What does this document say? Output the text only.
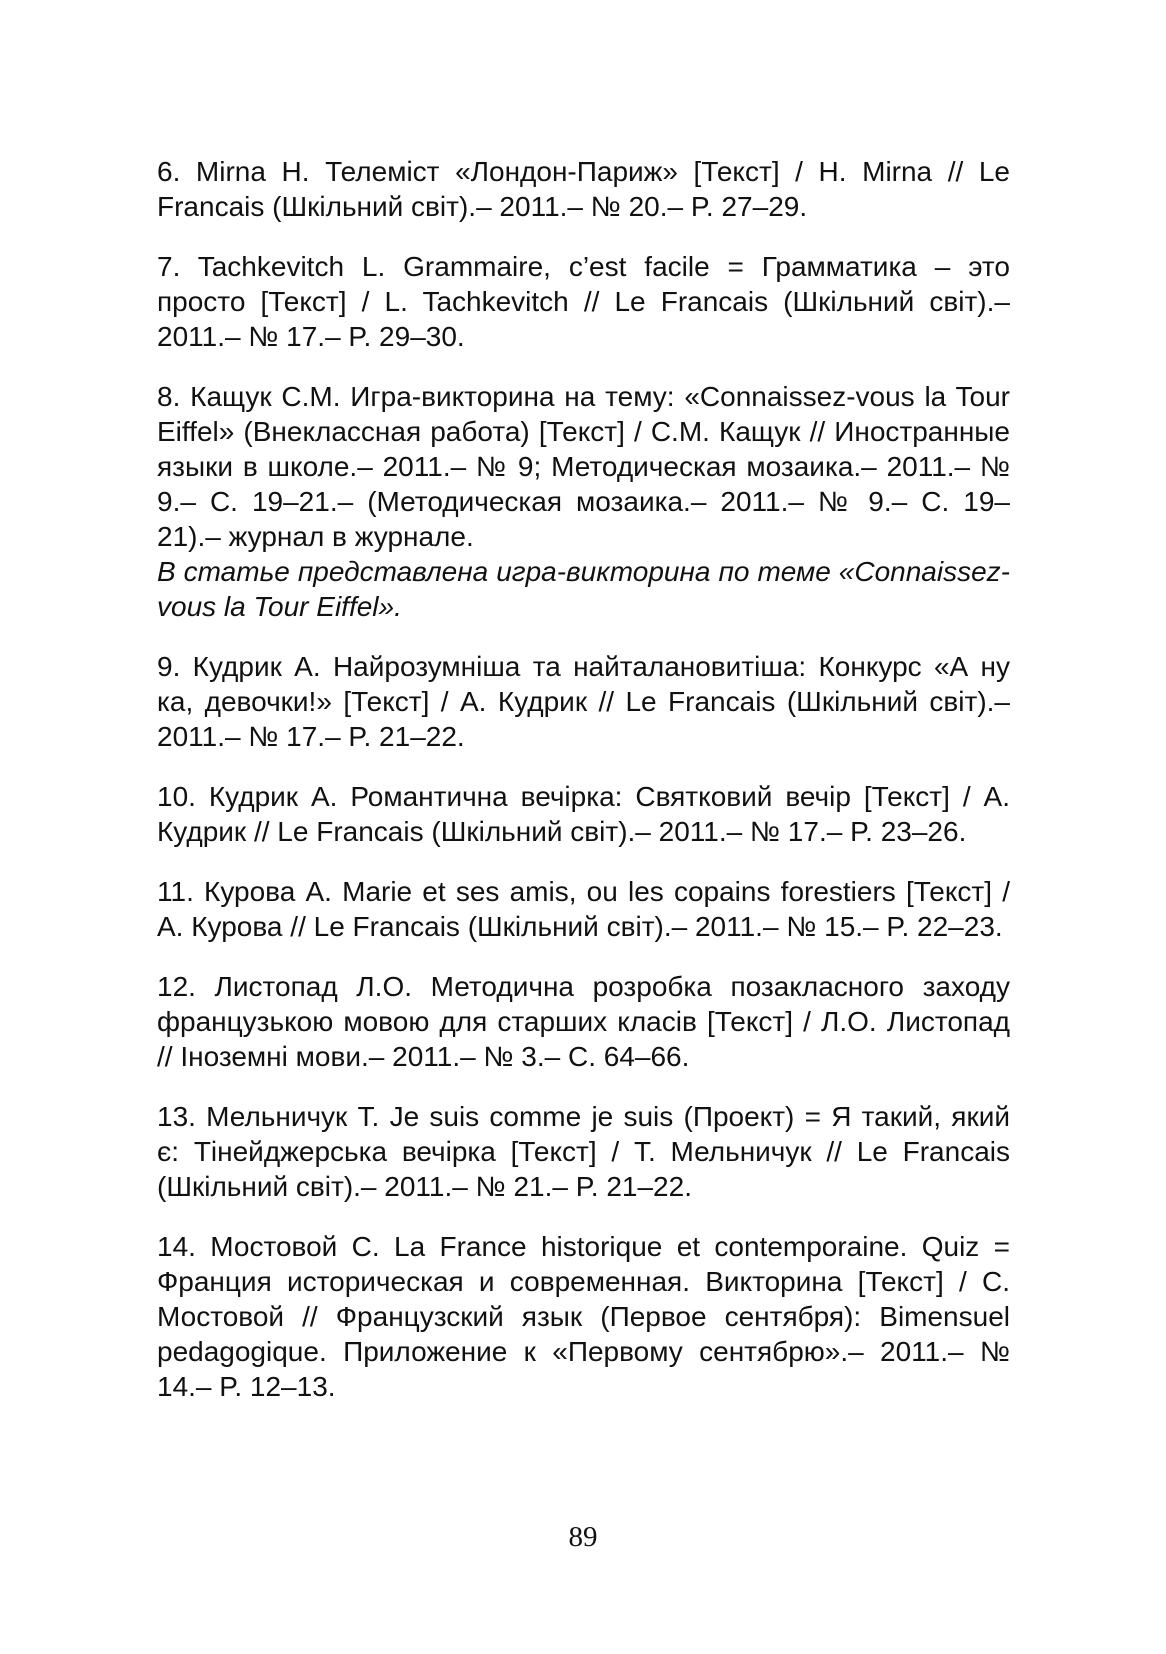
6. Mirna H. Телеміст «Лондон-Париж» [Текст] / H. Mirna // Le Francais (Шкільний світ).– 2011.– № 20.– P. 27–29.

7. Tachkevitch L. Grammaire, c’est facile = Грамматика – это просто [Текст] / L. Tachkevitch // Le Francais (Шкільний світ).– 2011.– № 17.– P. 29–30.

8. Кащук С.М. Игра-викторина на тему: «Connaissez-vous la Tour Eiffel» (Внеклассная работа) [Текст] / С.М. Кащук // Иностранные языки в школе.– 2011.– № 9; Методическая мозаика.– 2011.– № 9.– С. 19–21.– (Методическая мозаика.– 2011.– № 9.– С. 19–21).– журнал в журнале.

В статье представлена игра-викторина по теме «Connaissez-vous la Tour Eiffel».

9. Кудрик А. Найрозумніша та найталановитіша: Конкурс «А ну ка, девочки!» [Текст] / А. Кудрик // Le Francais (Шкільний світ).– 2011.– № 17.– P. 21–22.

10. Кудрик А. Романтична вечірка: Святковий вечір [Текст] / А. Кудрик // Le Francais (Шкільний світ).– 2011.– № 17.– P. 23–26.

11. Курова А. Marie et ses amis, ou les copains forestiers [Текст] / А. Курова // Le Francais (Шкільний світ).– 2011.– № 15.– P. 22–23.

12. Листопад Л.О. Методична розробка позакласного заходу французькою мовою для старших класів [Текст] / Л.О. Листопад // Іноземні мови.– 2011.– № 3.– С. 64–66.

13. Мельничук Т. Je suis comme je suis (Проект) = Я такий, який є: Тінейджерська вечірка [Текст] / Т. Мельничук // Le Francais (Шкільний світ).– 2011.– № 21.– P. 21–22.

14. Мостовой С. La France historique et contemporaine. Quiz = Франция историческая и современная. Викторина [Текст] / С. Мостовой // Французский язык (Первое сентября): Bimensuel pedagogique. Приложение к «Первому сентябрю».– 2011.– № 14.– P. 12–13.

89
